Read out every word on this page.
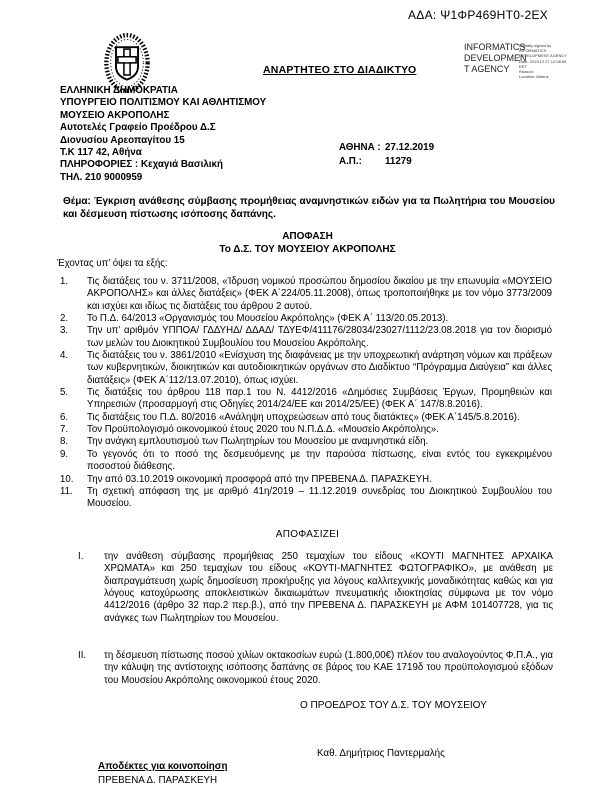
ΑΔΑ: Ψ1ΦΡ469ΗΤ0-2ΕΧ
ΑΝΑΡΤΗΤΕΟ ΣΤΟ ΔΙΑΔΙΚΤΥΟ
INFORMATICS
DEVELOPMEN
T AGENCY
Digitally signed by
INFORMATICS
DEVELOPMENT AGENCY
Date: 2019.12.27 12:08:55
EET
Reason:
Location: Athens
ΕΛΛΗΝΙΚΗ ΔΗΜΟΚΡΑΤΙΑ
ΥΠΟΥΡΓΕΙΟ ΠΟΛΙΤΙΣΜΟΥ ΚΑΙ ΑΘΛΗΤΙΣΜΟΥ
ΜΟΥΣΕΙΟ ΑΚΡΟΠΟΛΗΣ
Αυτοτελές Γραφείο Προέδρου Δ.Σ
Διονυσίου Αρεοπαγίτου 15
Τ.Κ 117 42, Αθήνα
ΠΛΗΡΟΦΟΡΙΕΣ : Κεχαγιά Βασιλική
ΤΗΛ. 210 9000959
ΑΘΗΝΑ : 27.12.2019
Α.Π.:	11279
Θέμα: Έγκριση ανάθεσης σύμβασης προμήθειας αναμνηστικών ειδών για τα Πωλητήρια του Μουσείου και δέσμευση πίστωσης ισόποσης δαπάνης.
ΑΠΟΦΑΣΗ
Το Δ.Σ. ΤΟΥ ΜΟΥΣΕΙΟΥ ΑΚΡΟΠΟΛΗΣ
Έχοντας υπ’ όψει τα εξής:
1.	Τις διατάξεις του ν. 3711/2008, «Ίδρυση νομικού προσώπου δημοσίου δικαίου με την επωνυμία «ΜΟΥΣΕΙΟ ΑΚΡΟΠΟΛΗΣ» και άλλες διατάξεις» (ΦΕΚ Α΄224/05.11.2008), όπως τροποποιήθηκε με τον νόμο 3773/2009 και ισχύει και ιδίως τις διατάξεις του άρθρου 2 αυτού.
2.	Το Π.Δ. 64/2013 «Οργανισμός του Μουσείου Ακρόπολης» (ΦΕΚ Α΄ 113/20.05.2013).
3.	Την υπ’ αριθμόν ΥΠΠΟΑ/ ΓΔΔΥΗΔ/ ΔΔΑΔ/ ΤΔΥΕΦ/411176/28034/23027/1112/23.08.2018 για τον διορισμό των μελών του Διοικητικού Συμβουλίου του Μουσείου Ακρόπολης.
4.	Τις διατάξεις του ν. 3861/2010 «Ενίσχυση της διαφάνειας με την υποχρεωτική ανάρτηση νόμων και πράξεων των κυβερνητικών, διοικητικών και αυτοδιοικητικών οργάνων στο Διαδίκτυο “Πρόγραμμα Διαύγεια” και άλλες διατάξεις» (ΦΕΚ Α΄112/13.07.2010), όπως ισχύει.
5.	Τις διατάξεις του άρθρου 118 παρ.1 του Ν. 4412/2016 «Δημόσιες Συμβάσεις Έργων, Προμηθειών και Υπηρεσιών (προσαρμογή στις Οδηγίες 2014/24/ΕΕ και 2014/25/ΕΕ) (ΦΕΚ Α΄ 147/8.8.2016).
6.	Τις διατάξεις του Π.Δ. 80/2016 «Ανάληψη υποχρεώσεων από τους διατάκτες» (ΦΕΚ Α΄145/5.8.2016).
7.	Τον Προϋπολογισμό οικονομικού έτους 2020 του Ν.Π.Δ.Δ. «Μουσείο Ακρόπολης».
8.	Την ανάγκη εμπλουτισμού των Πωλητηρίων του Μουσείου με αναμνηστικά είδη.
9.	Το γεγονός ότι το ποσό της δεσμευόμενης με την παρούσα πίστωσης, είναι εντός του εγκεκριμένου ποσοστού διάθεσης.
10.	Την από 03.10.2019 οικονομική προσφορά από την ΠΡΕΒΕΝΑ Δ. ΠΑΡΑΣΚΕΥΗ.
11.	Τη σχετική απόφαση της με αριθμό 41η/2019 – 11.12.2019 συνεδρίας του Διοικητικού Συμβουλίου του Μουσείου.
ΑΠΟΦΑΣΙΖΕΙ
I.	την ανάθεση σύμβασης προμήθειας 250 τεμαχίων του είδους «ΚΟΥΤΙ ΜΑΓΝΗΤΕΣ ΑΡΧΑΙΚΑ ΧΡΩΜΑΤΑ» και 250 τεμαχίων του είδους «ΚΟΥΤΙ-ΜΑΓΝΗΤΕΣ ΦΩΤΟΓΡΑΦΙΚΟ», με ανάθεση με διαπραγμάτευση χωρίς δημοσίευση προκήρυξης για λόγους καλλιτεχνικής μοναδικότητας καθώς και για λόγους κατοχύρωσης αποκλειστικών δικαιωμάτων πνευματικής ιδιοκτησίας σύμφωνα με τον νόμο 4412/2016 (άρθρο 32 παρ.2 περ.β.), από την ΠΡΕΒΕΝΑ Δ. ΠΑΡΑΣΚΕΥΗ με ΑΦΜ 101407728, για τις ανάγκες των Πωλητηρίων του Μουσείου.
II.	τη δέσμευση πίστωσης ποσού χιλίων οκτακοσίων ευρώ (1.800,00€) πλέον του αναλογούντος Φ.Π.Α., για την κάλυψη της αντίστοιχης ισόποσης δαπάνης σε βάρος του ΚΑΕ 1719δ του προϋπολογισμού εξόδων του Μουσείου Ακρόπολης οικονομικού έτους 2020.
Ο ΠΡΟΕΔΡΟΣ ΤΟΥ Δ.Σ. ΤΟΥ ΜΟΥΣΕΙΟΥ
Καθ. Δημήτριος Παντερμαλής
Αποδέκτες για κοινοποίηση
ΠΡΕΒΕΝΑ Δ. ΠΑΡΑΣΚΕΥΗ
